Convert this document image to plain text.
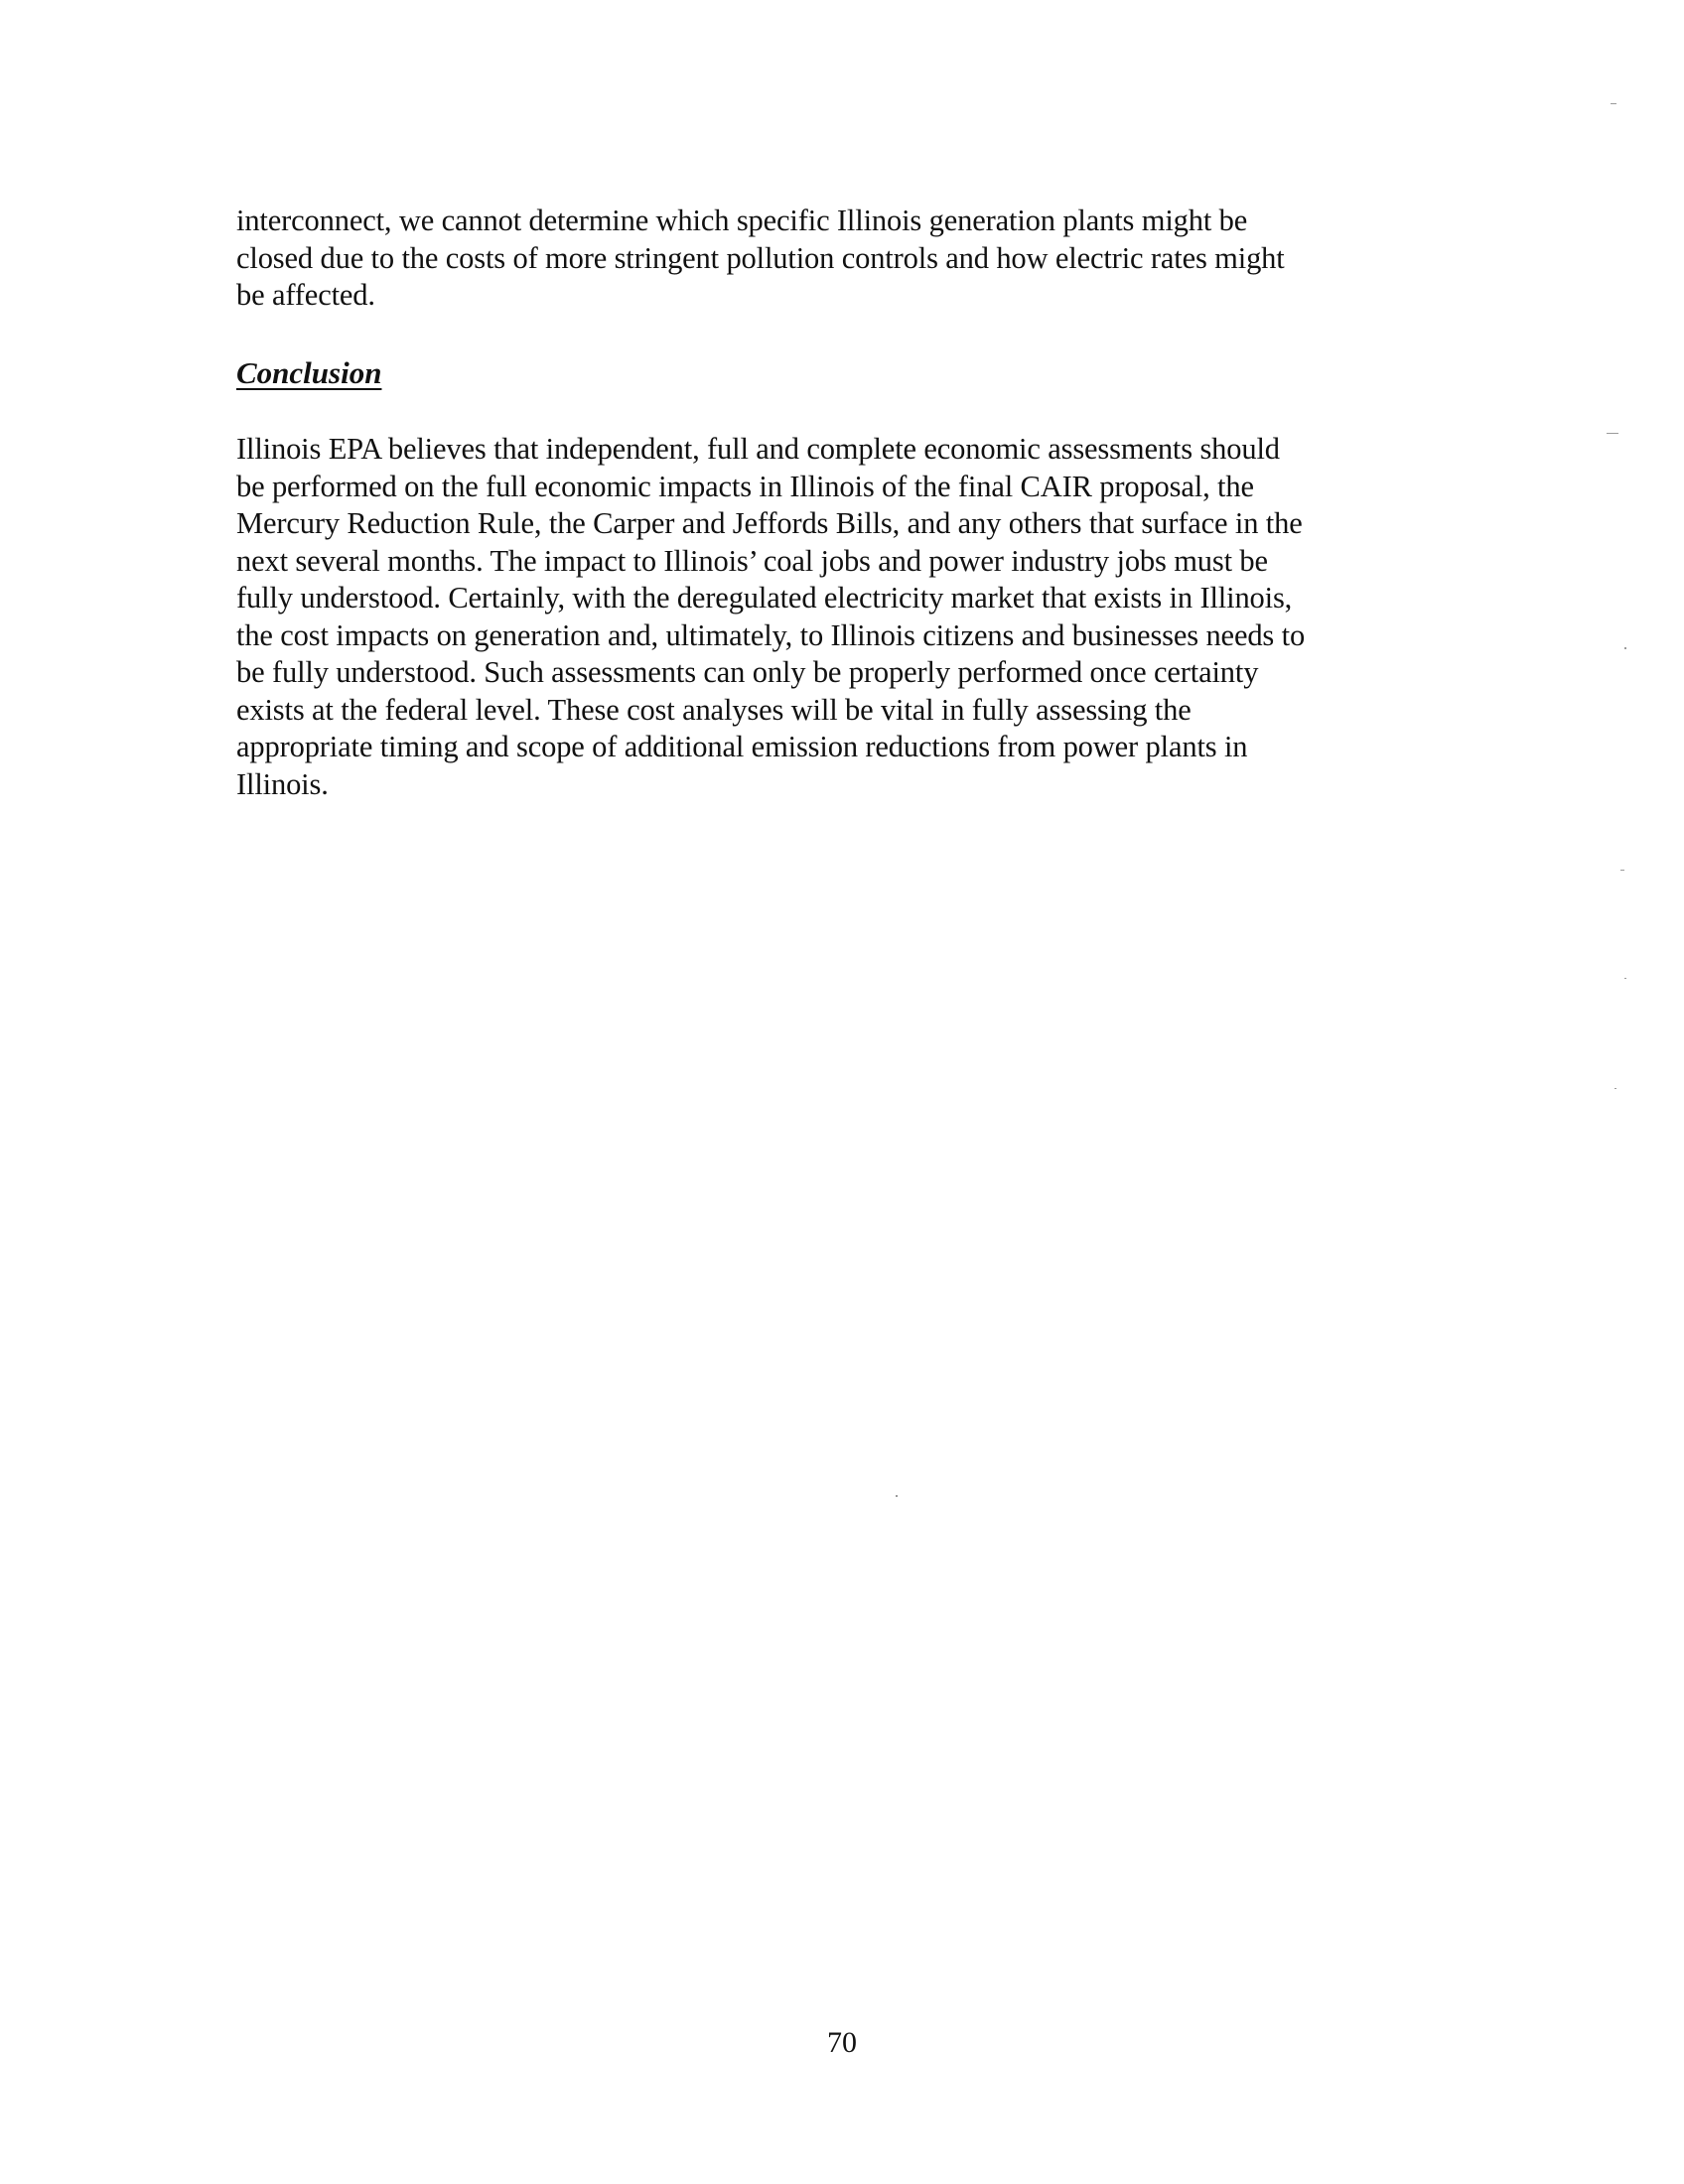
interconnect, we cannot determine which specific Illinois generation plants might be
closed due to the costs of more stringent pollution controls and how electric rates might
be affected.
Conclusion
Illinois EPA believes that independent, full and complete economic assessments should
be performed on the full economic impacts in Illinois of the final CAIR proposal, the
Mercury Reduction Rule, the Carper and Jeffords Bills, and any others that surface in the
next several months. The impact to Illinois’ coal jobs and power industry jobs must be
fully understood. Certainly, with the deregulated electricity market that exists in Illinois,
the cost impacts on generation and, ultimately, to Illinois citizens and businesses needs to
be fully understood. Such assessments can only be properly performed once certainty
exists at the federal level. These cost analyses will be vital in fully assessing the
appropriate timing and scope of additional emission reductions from power plants in
Illinois.
70
